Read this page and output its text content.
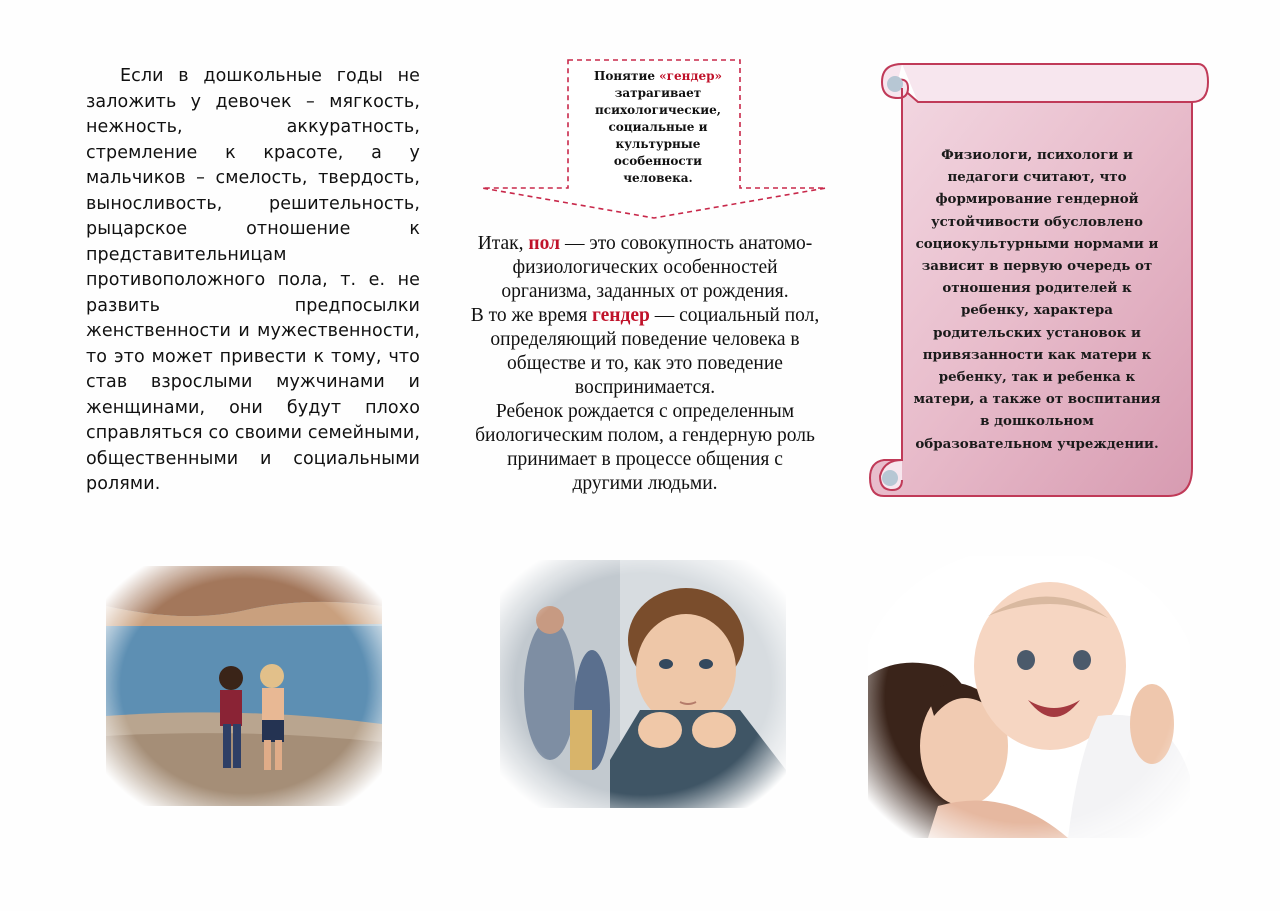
Если в дошкольные годы не заложить у девочек – мягкость, нежность, аккуратность, стремление к красоте, а у мальчиков – смелость, твердость, выносливость, решительность, рыцарское отношение к представительницам противоположного пола, т. е. не развить предпосылки женственности и мужественности, то это может привести к тому, что став взрослыми мужчинами и женщинами, они будут плохо справляться со своими семейными, общественными и социальными ролями.

Понятие «гендер» затрагивает психологические, социальные и культурные особенности человека.

Итак, пол — это совокупность анатомо-физиологических особенностей организма, заданных от рождения.

В то же время гендер — социальный пол, определяющий поведение человека в обществе и то, как это поведение воспринимается.

Ребенок рождается с определенным биологическим полом, а гендерную роль принимает в процессе общения с другими людьми.

Физиологи, психологи и педагоги считают, что формирование гендерной устойчивости обусловлено социокультурными нормами и зависит в первую очередь от отношения родителей к ребенку, характера родительских установок и привязанности как матери к ребенку, так и ребенка к матери, а также от воспитания в дошкольном образовательном учреждении.
